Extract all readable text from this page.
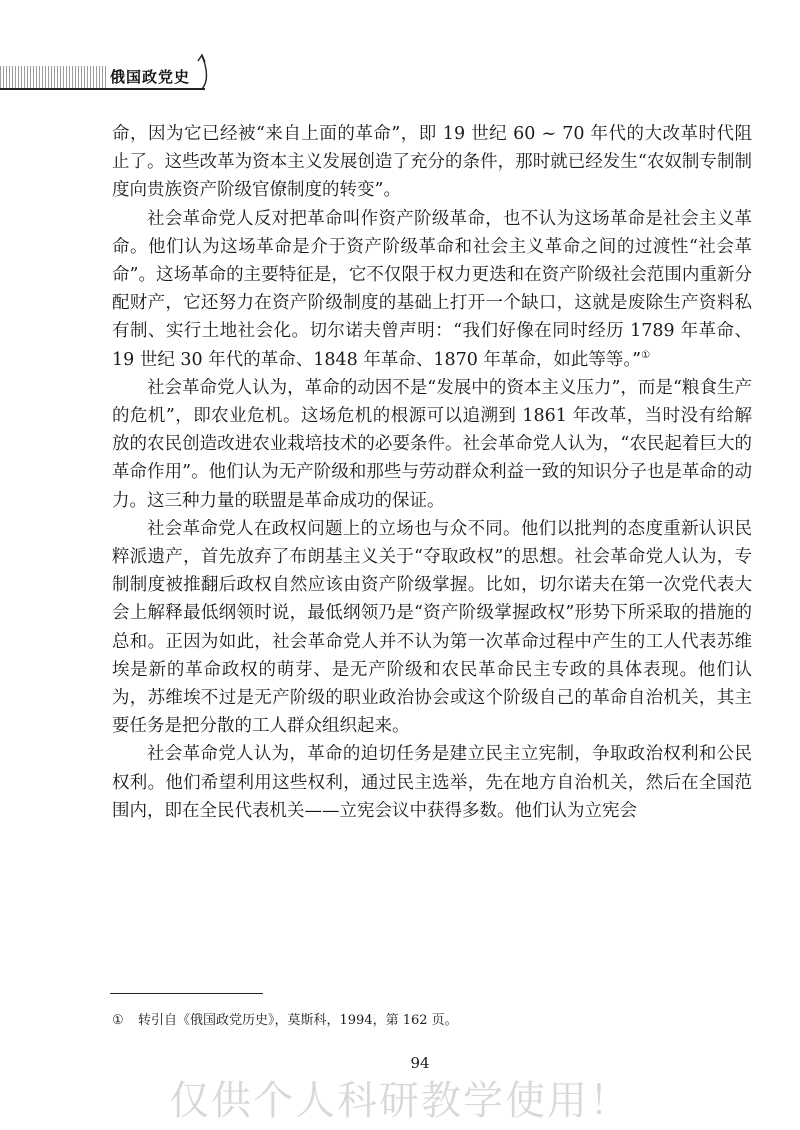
俄国政党史

命，因为它已经被“来自上面的革命”，即 19 世纪 60 ~ 70 年代的大改革时代阻止了。这些改革为资本主义发展创造了充分的条件，那时就已经发生“农奴制专制制度向贵族资产阶级官僚制度的转变”。

社会革命党人反对把革命叫作资产阶级革命，也不认为这场革命是社会主义革命。他们认为这场革命是介于资产阶级革命和社会主义革命之间的过渡性“社会革命”。这场革命的主要特征是，它不仅限于权力更迭和在资产阶级社会范围内重新分配财产，它还努力在资产阶级制度的基础上打开一个缺口，这就是废除生产资料私有制、实行土地社会化。切尔诺夫曾声明：“我们好像在同时经历 1789 年革命、19 世纪 30 年代的革命、1848 年革命、1870 年革命，如此等等。”①

社会革命党人认为，革命的动因不是“发展中的资本主义压力”，而是“粮食生产的危机”，即农业危机。这场危机的根源可以追溯到 1861 年改革，当时没有给解放的农民创造改进农业栽培技术的必要条件。社会革命党人认为，“农民起着巨大的革命作用”。他们认为无产阶级和那些与劳动群众利益一致的知识分子也是革命的动力。这三种力量的联盟是革命成功的保证。

社会革命党人在政权问题上的立场也与众不同。他们以批判的态度重新认识民粹派遗产，首先放弃了布朗基主义关于“夺取政权”的思想。社会革命党人认为，专制制度被推翻后政权自然应该由资产阶级掌握。比如，切尔诺夫在第一次党代表大会上解释最低纲领时说，最低纲领乃是“资产阶级掌握政权”形势下所采取的措施的总和。正因为如此，社会革命党人并不认为第一次革命过程中产生的工人代表苏维埃是新的革命政权的萌芽、是无产阶级和农民革命民主专政的具体表现。他们认为，苏维埃不过是无产阶级的职业政治协会或这个阶级自己的革命自治机关，其主要任务是把分散的工人群众组织起来。

社会革命党人认为，革命的迫切任务是建立民主立宪制，争取政治权利和公民权利。他们希望利用这些权利，通过民主选举，先在地方自治机关，然后在全国范围内，即在全民代表机关——立宪会议中获得多数。他们认为立宪会

① 转引自《俄国政党历史》，莫斯科，1994，第 162 页。
94
仅供个人科研教学使用！
